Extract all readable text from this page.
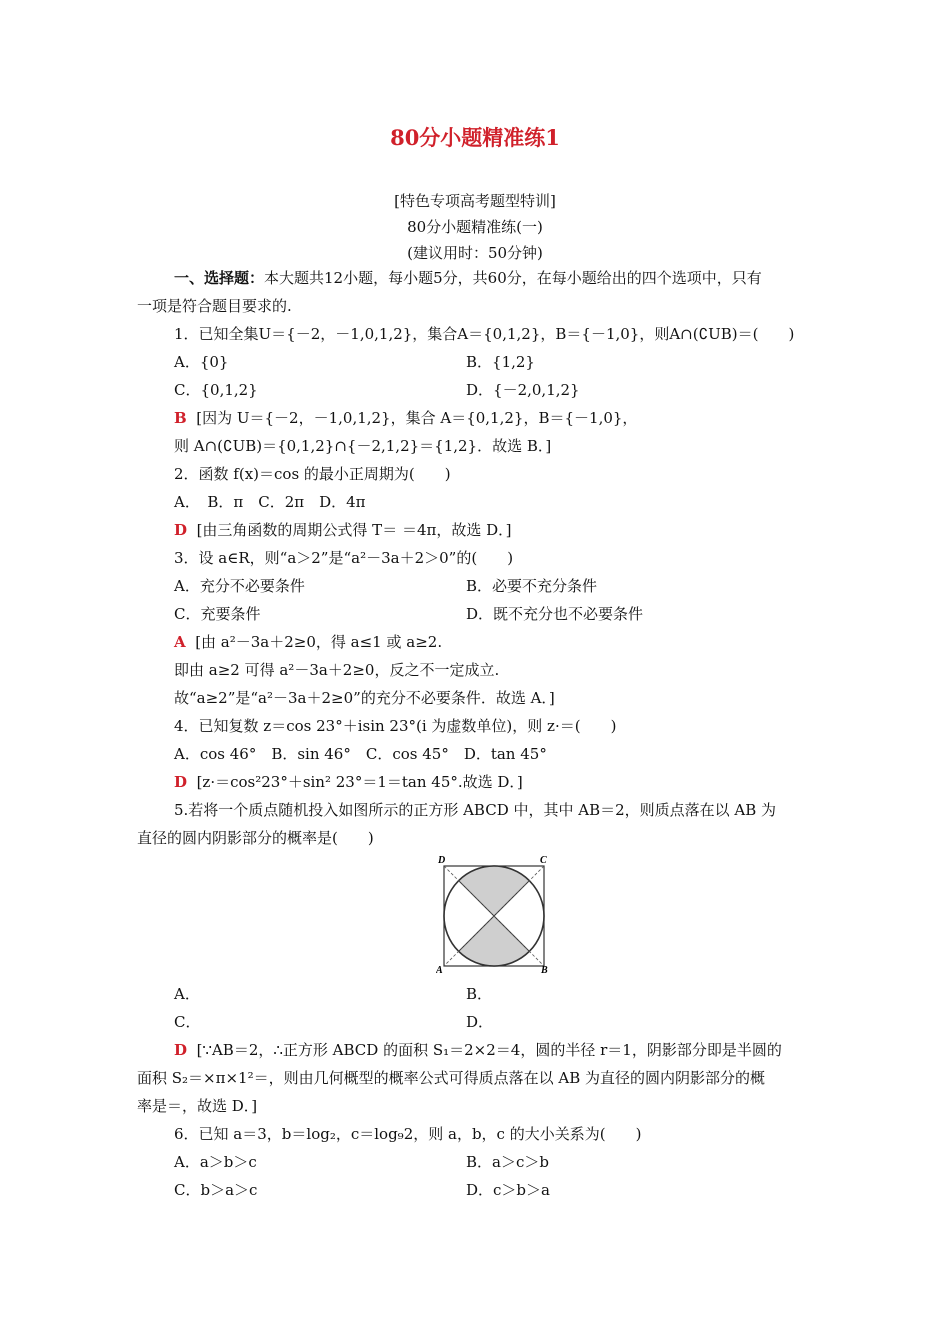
80分小题精准练1
[特色专项高考题型特训]
80分小题精准练(一)
(建议用时：50分钟)
一、选择题：本大题共12小题，每小题5分，共60分，在每小题给出的四个选项中，只有
一项是符合题目要求的.
1．已知全集U＝{－2，－1,0,1,2}，集合A＝{0,1,2}，B＝{－1,0}，则A∩(∁UB)＝(　　)
A．{0}	B．{1,2}
C．{0,1,2}	D．{－2,0,1,2}
B [因为 U＝{－2，－1,0,1,2}，集合 A＝{0,1,2}，B＝{－1,0}，
则 A∩(∁UB)＝{0,1,2}∩{－2,1,2}＝{1,2}．故选 B．]
2．函数 f(x)＝cos 的最小正周期为(　　)
A．　B．π　C．2π　D．4π
D [由三角函数的周期公式得 T＝ ＝4π，故选 D．]
3．设 a∈R，则“a＞2”是“a²－3a＋2＞0”的(　　)
A．充分不必要条件	B．必要不充分条件
C．充要条件	D．既不充分也不必要条件
A [由 a²－3a＋2≥0，得 a≤1 或 a≥2.
即由 a≥2 可得 a²－3a＋2≥0，反之不一定成立.
故“a≥2”是“a²－3a＋2≥0”的充分不必要条件．故选 A．]
4．已知复数 z＝cos 23°＋isin 23°(i 为虚数单位)，则 z·＝(　　)
A．cos 46°　B．sin 46°　C．cos 45°　D．tan 45°
D [z·＝cos²23°＋sin² 23°＝1＝tan 45°.故选 D．]
5.若将一个质点随机投入如图所示的正方形 ABCD 中，其中 AB＝2，则质点落在以 AB 为
直径的圆内阴影部分的概率是(　　)
D	C
A	B
A．	B．
C．	D．
D [∵AB＝2，∴正方形 ABCD 的面积 S₁＝2×2＝4，圆的半径 r＝1，阴影部分即是半圆的
面积 S₂＝×π×1²＝，则由几何概型的概率公式可得质点落在以 AB 为直径的圆内阴影部分的概
率是＝，故选 D．]
6．已知 a＝3，b＝log₂，c＝log₉2，则 a，b，c 的大小关系为(　　)
A．a＞b＞c	B．a＞c＞b
C．b＞a＞c	D．c＞b＞a
